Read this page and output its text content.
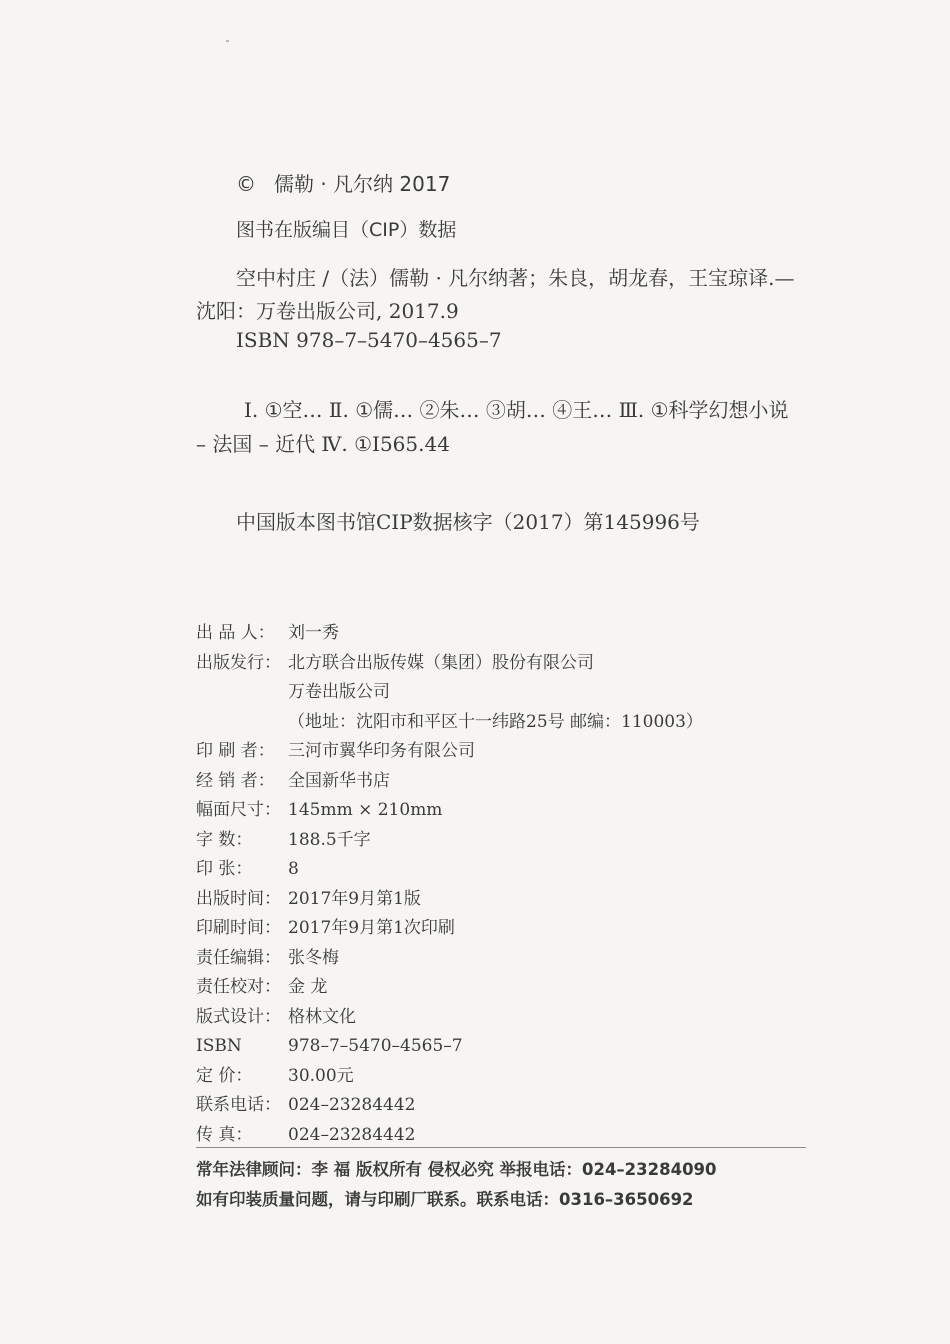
© 儒勒 · 凡尔纳 2017
图书在版编目（CIP）数据
空中村庄 /（法）儒勒 · 凡尔纳著；朱良，胡龙春，王宝琼译.—
沈阳：万卷出版公司, 2017.9
ISBN 978–7–5470–4565–7
Ⅰ. ①空… Ⅱ. ①儒… ②朱… ③胡… ④王… Ⅲ. ①科学幻想小说
– 法国 – 近代 Ⅳ. ①I565.44
中国版本图书馆CIP数据核字（2017）第145996号
出 品 人： 刘一秀
出版发行： 北方联合出版传媒（集团）股份有限公司
万卷出版公司
（地址：沈阳市和平区十一纬路25号 邮编：110003）
印 刷 者： 三河市翼华印务有限公司
经 销 者： 全国新华书店
幅面尺寸： 145mm × 210mm
字 数：	188.5千字
印 张：	8
出版时间： 2017年9月第1版
印刷时间： 2017年9月第1次印刷
责任编辑： 张冬梅
责任校对： 金 龙
版式设计： 格林文化
ISBN	978–7–5470–4565–7
定 价：	30.00元
联系电话： 024–23284442
传 真：	024–23284442
常年法律顾问：李 福 版权所有 侵权必究 举报电话：024–23284090
如有印装质量问题，请与印刷厂联系。联系电话：0316–3650692
